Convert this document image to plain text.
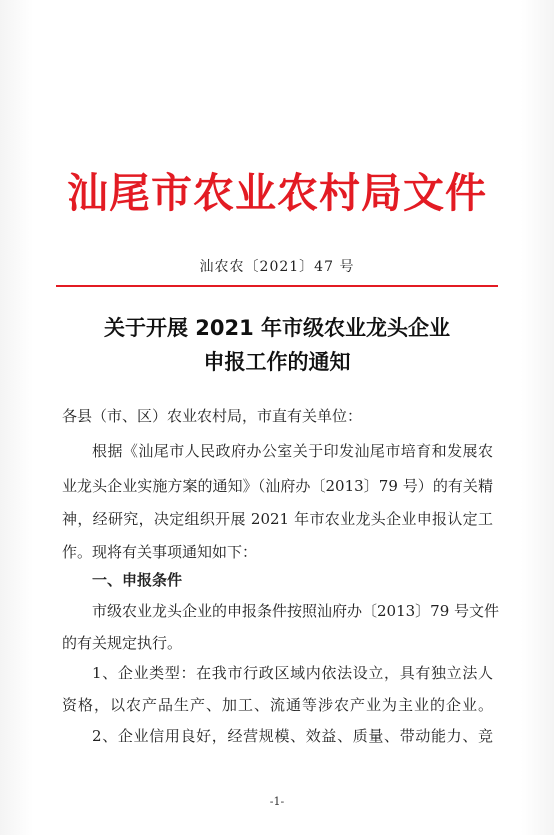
汕尾市农业农村局文件
汕农农〔2021〕47 号
关于开展 2021 年市级农业龙头企业
申报工作的通知
各县（市、区）农业农村局，市直有关单位：
根据《汕尾市人民政府办公室关于印发汕尾市培育和发展农
业龙头企业实施方案的通知》（汕府办〔2013〕79 号）的有关精
神，经研究，决定组织开展 2021 年市农业龙头企业申报认定工
作。现将有关事项通知如下：
一、申报条件
市级农业龙头企业的申报条件按照汕府办〔2013〕79 号文件
的有关规定执行。
1、企业类型：在我市行政区域内依法设立，具有独立法人
资格，以农产品生产、加工、流通等涉农产业为主业的企业。
2、企业信用良好，经营规模、效益、质量、带动能力、竞
-1-
